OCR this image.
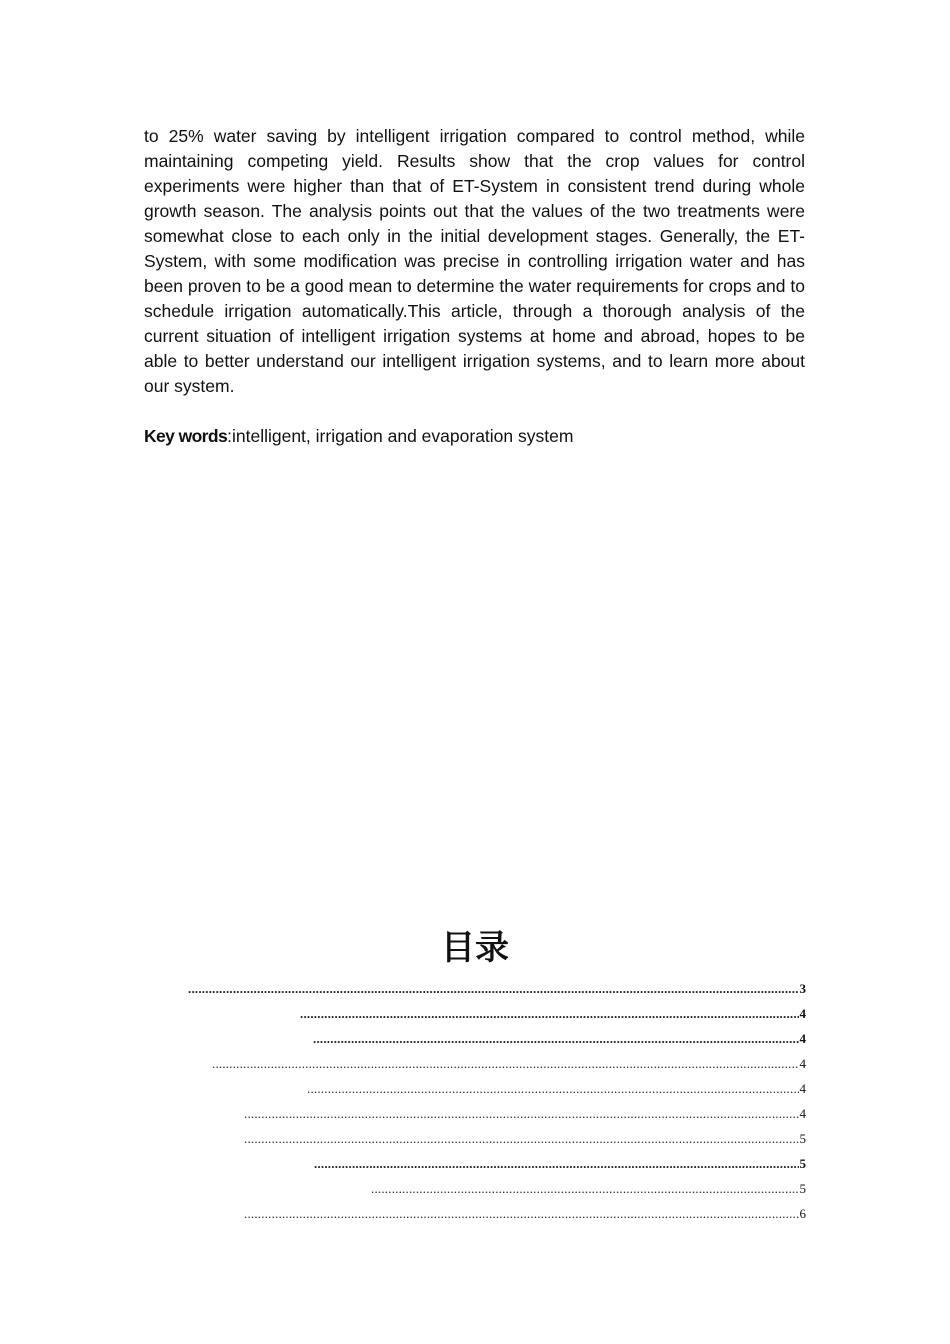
to 25% water saving by intelligent irrigation compared to control method, while maintaining competing yield. Results show that the crop values for control experiments were higher than that of ET-System in consistent trend during whole growth season. The analysis points out that the values of the two treatments were somewhat close to each only in the initial development stages. Generally, the ET-System, with some modification was precise in controlling irrigation water and has been proven to be a good mean to determine the water requirements for crops and to schedule irrigation automatically.This article, through a thorough analysis of the current situation of intelligent irrigation systems at home and abroad, hopes to be able to better understand our intelligent irrigation systems, and to learn more about our system.

Key words:intelligent, irrigation and evaporation system
目录
.....
3
.....
4
.....
4
.....
4
.....
4
.....
4
.....
5
.....
5
.....
5
.....
6
